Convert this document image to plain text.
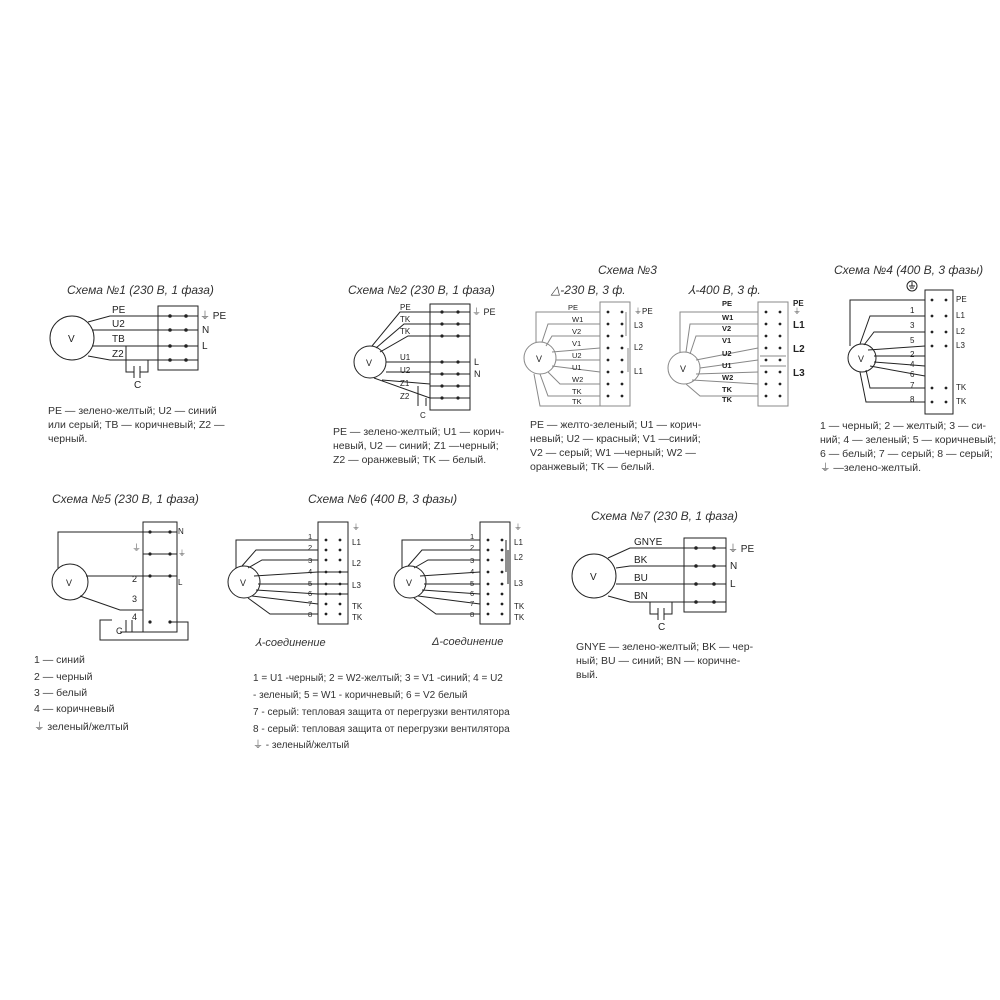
Схема №1 (230 В, 1 фаза)
V
PE
U2
TB
Z2
⏚ PE
N
L
C
PE — зелено-желтый; U2 — синий
или серый; ТВ — коричневый; Z2 —
черный.
Схема №2 (230 В, 1 фаза)
V
PE
TK
TK
U1
U2
Z1
Z2
⏚ PE
L
N
C
PE — зелено-желтый; U1 — корич-
невый, U2 — синий; Z1 —черный;
Z2 — оранжевый; TK — белый.
Схема №3
△-230 В, 3 ф.	⅄-400 В, 3 ф.
V
PE
W1
V2
V1
U2
U1
W2
TK
TK
⏚PE
L3
L2
L1	V
PE
W1
V2
V1
U2
U1
W2
TK
TK
PE
⏚
L1
L2
L3
PE — желто-зеленый; U1 — корич-
невый; U2 — красный; V1 —синий;
V2 — серый; W1 —черный; W2 —
оранжевый; TK — белый.
Схема №4 (400 В, 3 фазы)
V
1
3
5
2
4
6
7
8
PE
L1
L2
L3
TK
TK
1 — черный; 2 — желтый; 3 — си-
ний; 4 — зеленый; 5 — коричневый;
6 — белый; 7 — серый; 8 — серый;
⏚ —зелено-желтый.
Схема №5 (230 В, 1 фаза)
V
⏚
2
3
4
C
N
⏚
L
1 — синий
2 — черный
3 — белый
4 — коричневый
⏚ зеленый/желтый
Схема №6 (400 В, 3 фазы)
V
1
2
3
4
5
6
7
8
⏚
L1
L2
L3
TK
TK
V
1
2
3
4
5
6
7
8
⏚
L1
L2
L3
TK
TK
⅄-соединение	Δ-соединение
1 = U1 -черный; 2 = W2-желтый; 3 = V1 -синий; 4 = U2
- зеленый; 5 = W1 - коричневый; 6 = V2 белый
7 - серый: тепловая защита от перегрузки вентилятора
8 - серый: тепловая защита от перегрузки вентилятора
⏚ - зеленый/желтый
Схема №7 (230 В, 1 фаза)
V
GNYE
BK
BU
BN
⏚ PE
N
L
C
GNYE — зелено-желтый; BK — чер-
ный; BU — синий; BN — коричне-
вый.
